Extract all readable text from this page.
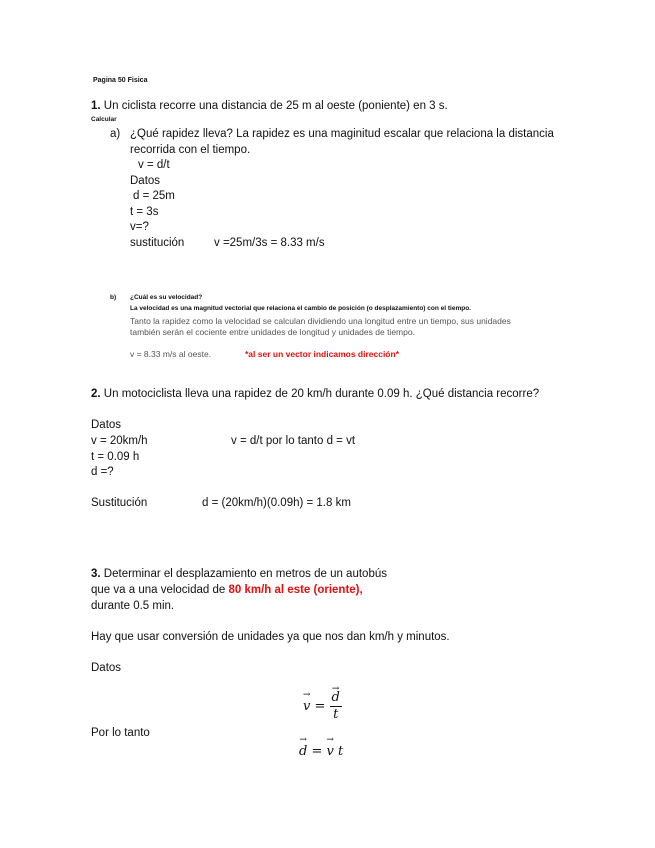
Pagina 50 Fisica
1. Un ciclista recorre una distancia de 25 m al oeste (poniente) en 3 s.
Calcular
a) ¿Qué rapidez lleva? La rapidez es una maginitud escalar que relaciona la distancia
recorrida con el tiempo.
v = d/t
Datos
d = 25m
t = 3s
v=?
sustitución	v =25m/3s = 8.33 m/s
b) ¿Cuál es su velocidad?
La velocidad es una magnitud vectorial que relaciona el cambio de posición (o desplazamiento) con el tiempo.
Tanto la rapidez como la velocidad se calculan dividiendo una longitud entre un tiempo, sus unidades
también serán el cociente entre unidades de longitud y unidades de tiempo.
v = 8.33 m/s al oeste.	*al ser un vector indicamos dirección*
2. Un motociclista lleva una rapidez de 20 km/h durante 0.09 h. ¿Qué distancia recorre?
Datos
v = 20km/h	v = d/t por lo tanto d = vt
t = 0.09 h
d =?
Sustitución	d = (20km/h)(0.09h) = 1.8 km
3. Determinar el desplazamiento en metros de un autobús
que va a una velocidad de 80 km/h al este (oriente),
durante 0.5 min.
Hay que usar conversión de unidades ya que nos dan km/h y minutos.
Datos
→ v = → $\frac{d}{t}$
Por lo tanto
→ d = → v t
